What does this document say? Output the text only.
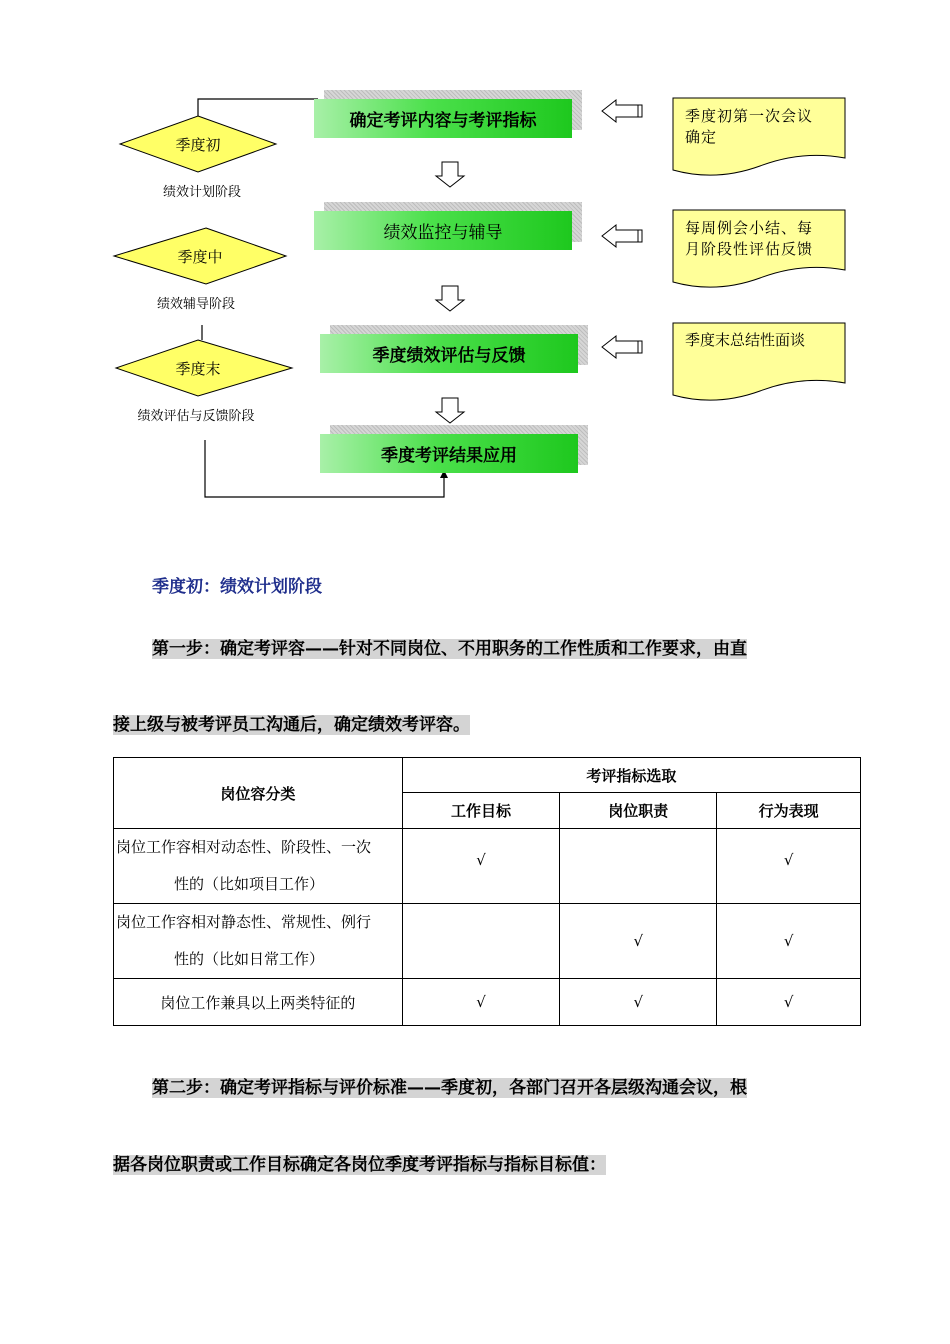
确定考评内容与考评指标
绩效监控与辅导
季度绩效评估与反馈
季度考评结果应用
季度初
绩效计划阶段
季度中
绩效辅导阶段
季度末
绩效评估与反馈阶段
季度初第一次会议
确定
每周例会小结、每
月阶段性评估反馈
季度末总结性面谈
季度初：绩效计划阶段
第一步：确定考评容——针对不同岗位、不用职务的工作性质和工作要求，由直
接上级与被考评员工沟通后，确定绩效考评容。
岗位容分类	考评指标选取		
	工作目标	岗位职责	行为表现
岗位工作容相对动态性、阶段性、一次
性的（比如项目工作）	√		√
岗位工作容相对静态性、常规性、例行
性的（比如日常工作）		√	√
岗位工作兼具以上两类特征的	√	√	√
第二步：确定考评指标与评价标准——季度初，各部门召开各层级沟通会议，根
据各岗位职责或工作目标确定各岗位季度考评指标与指标目标值：
